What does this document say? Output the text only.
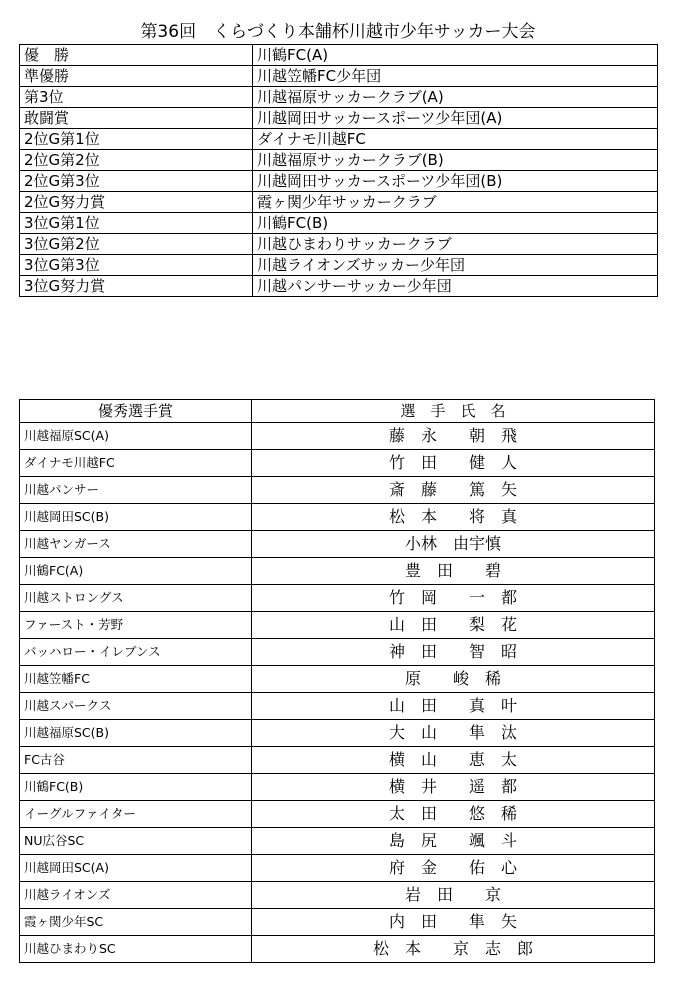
第36回　くらづくり本舗杯川越市少年サッカー大会
優　勝	川鶴FC(A)
準優勝	川越笠幡FC少年団
第3位	川越福原サッカークラブ(A)
敢闘賞	川越岡田サッカースポーツ少年団(A)
2位G第1位	ダイナモ川越FC
2位G第2位	川越福原サッカークラブ(B)
2位G第3位	川越岡田サッカースポーツ少年団(B)
2位G努力賞	霞ヶ関少年サッカークラブ
3位G第1位	川鶴FC(B)
3位G第2位	川越ひまわりサッカークラブ
3位G第3位	川越ライオンズサッカー少年団
3位G努力賞	川越パンサーサッカー少年団
優秀選手賞	選　手　氏　名
川越福原SC(A)	藤　永　　朝　飛
ダイナモ川越FC	竹　田　　健　人
川越パンサー	斎　藤　　篤　矢
川越岡田SC(B)	松　本　　将　真
川越ヤンガース	小林　由宇慎
川鶴FC(A)	豊　田　　碧
川越ストロングス	竹　岡　　一　都
ファースト・芳野	山　田　　梨　花
バッハロー・イレブンス	神　田　　智　昭
川越笠幡FC	原　　峻　稀
川越スパークス	山　田　　真　叶
川越福原SC(B)	大　山　　隼　汰
FC古谷	横　山　　恵　太
川鶴FC(B)	横　井　　遥　都
イーグルファイター	太　田　　悠　稀
NU広谷SC	島　尻　　颯　斗
川越岡田SC(A)	府　金　　佑　心
川越ライオンズ	岩　田　　京
霞ヶ関少年SC	内　田　　隼　矢
川越ひまわりSC	松　本　　京　志　郎
